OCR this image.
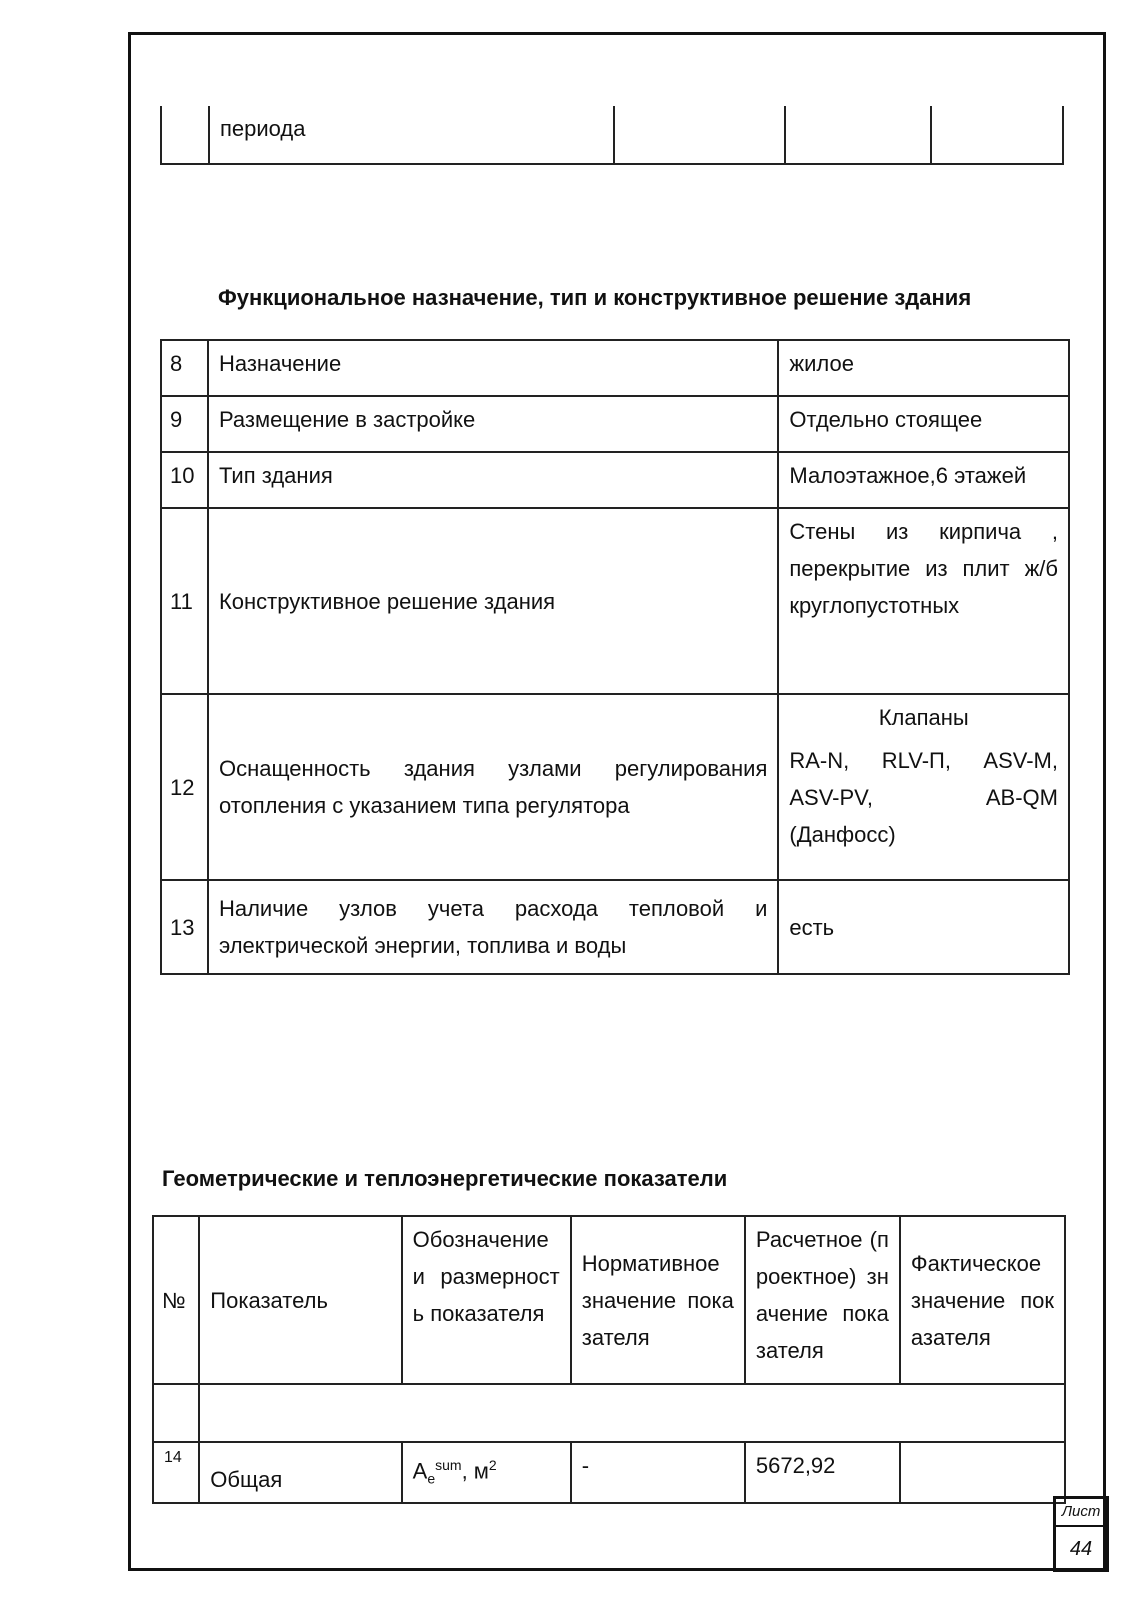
	периода			
Функциональное назначение, тип и конструктивное решение здания
8	Назначение	жилое
9	Размещение в застройке	Отдельно стоящее
10	Тип здания	Малоэтажное,6 этажей
11	Конструктивное решение здания	Стены из кирпича , перекрытие из плит ж/б круглопустотных
12	Оснащенность здания узлами регулирования отопления с указанием типа регулятора	Клапаны
RA-N, RLV-П, ASV-M, ASV-PV, AB-QM (Данфосс)

13	Наличие узлов учета расхода тепловой и электрической энергии, топлива и воды	есть
Геометрические и теплоэнергетические показатели
№	Показатель	Обозначение и размерность показателя	Нормативное значение показателя	Расчетное (проектное) значение показателя	Фактическое значение показателя

14	Общая	$A_e^{sum}$, $м^2$	-	5672,92	
Лист
44
